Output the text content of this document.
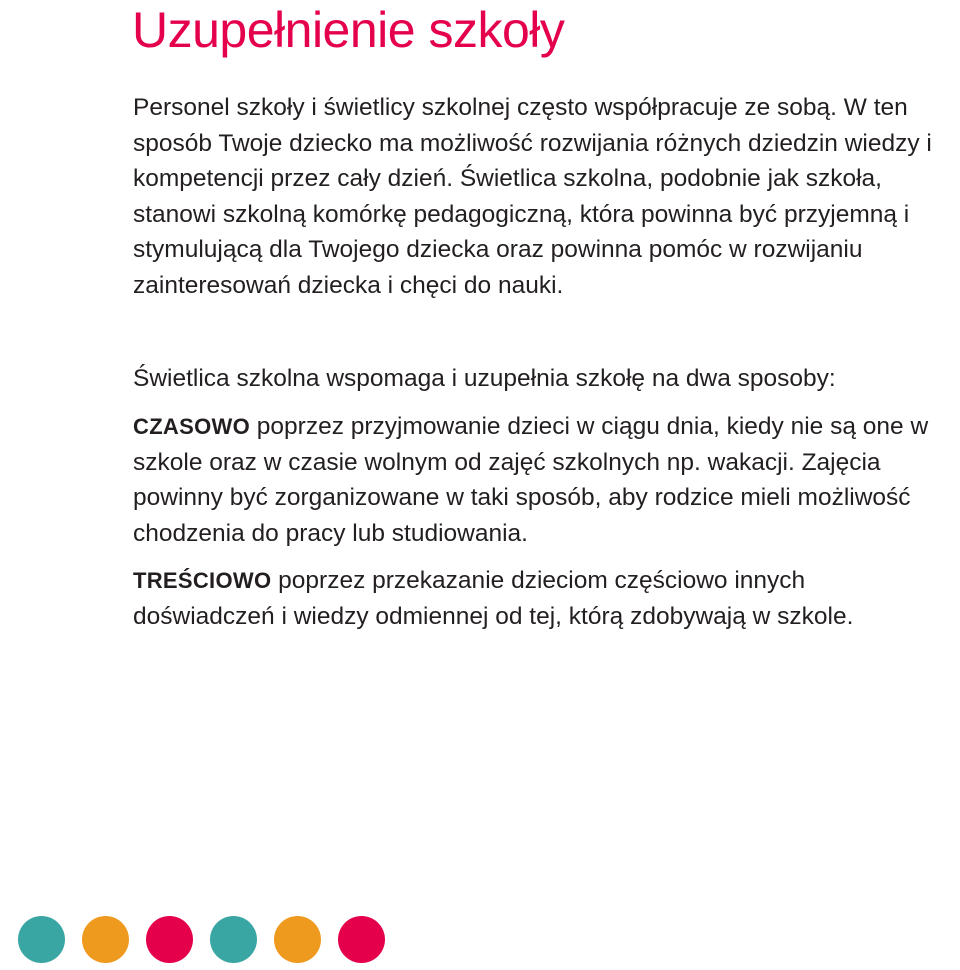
Uzupełnienie szkoły

Personel szkoły i świetlicy szkolnej często współpracuje ze sobą. W ten sposób Twoje dziecko ma możliwość rozwijania różnych dziedzin wiedzy i kompetencji przez cały dzień. Świetlica szkolna, podobnie jak szkoła, stanowi szkolną komórkę pedagogiczną, która powinna być przyjemną i stymulującą dla Twojego dziecka oraz powinna pomóc w rozwijaniu zainteresowań dziecka i chęci do nauki.

Świetlica szkolna wspomaga i uzupełnia szkołę na dwa sposoby:

CZASOWO poprzez przyjmowanie dzieci w ciągu dnia, kiedy nie są one w szkole oraz w czasie wolnym od zajęć szkolnych np. wakacji. Zajęcia powinny być zorganizowane w taki sposób, aby rodzice mieli możliwość chodzenia do pracy lub studiowania.

TREŚCIOWO poprzez przekazanie dzieciom częściowo innych doświadczeń i wiedzy odmiennej od tej, którą zdobywają w szkole.
